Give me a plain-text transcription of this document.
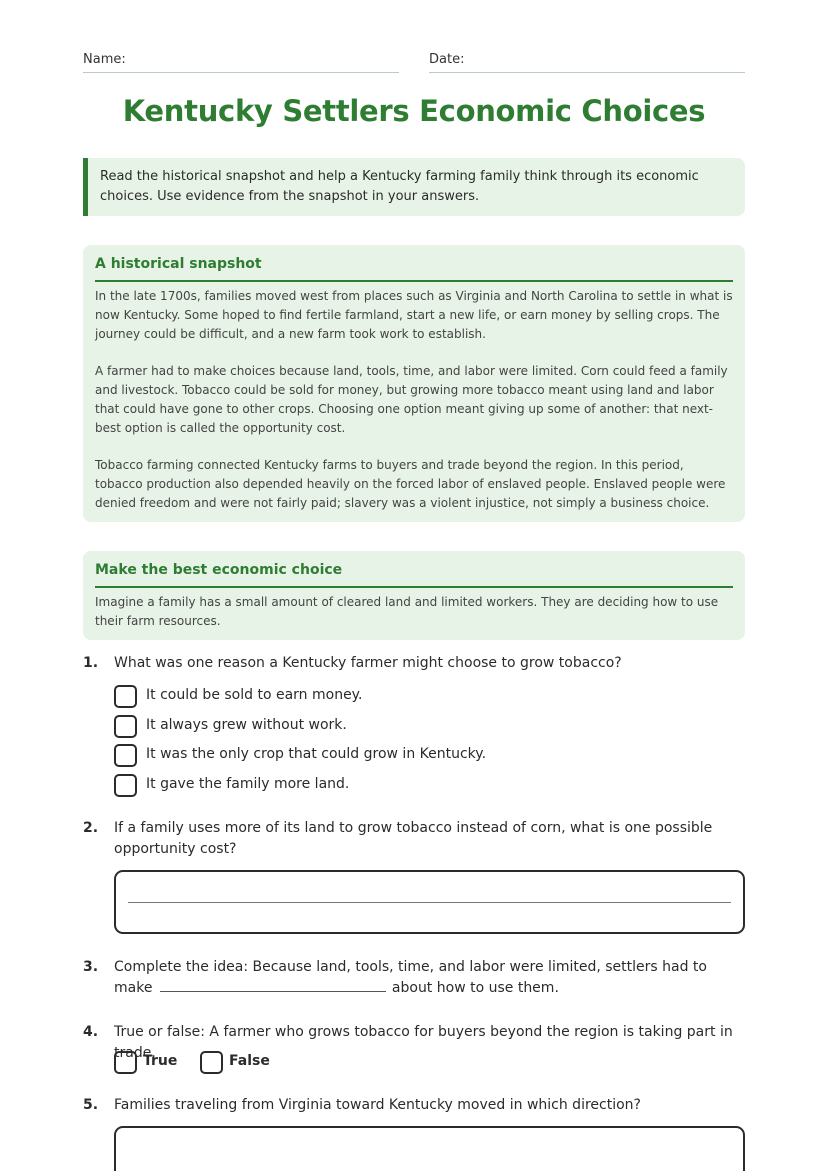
Name:	Date:
Kentucky Settlers Economic Choices
Read the historical snapshot and help a Kentucky farming family think through its economic choices. Use evidence from the snapshot in your answers.
A historical snapshot

In the late 1700s, families moved west from places such as Virginia and North Carolina to settle in what is now Kentucky. Some hoped to find fertile farmland, start a new life, or earn money by selling crops. The journey could be difficult, and a new farm took work to establish.

A farmer had to make choices because land, tools, time, and labor were limited. Corn could feed a family and livestock. Tobacco could be sold for money, but growing more tobacco meant using land and labor that could have gone to other crops. Choosing one option meant giving up some of another: that next-best option is called the opportunity cost.

Tobacco farming connected Kentucky farms to buyers and trade beyond the region. In this period, tobacco production also depended heavily on the forced labor of enslaved people. Enslaved people were denied freedom and were not fairly paid; slavery was a violent injustice, not simply a business choice.

Make the best economic choice

Imagine a family has a small amount of cleared land and limited workers. They are deciding how to use their farm resources.

1. What was one reason a Kentucky farmer might choose to grow tobacco?
It could be sold to earn money.
It always grew without work.
It was the only crop that could grow in Kentucky.
It gave the family more land.
2. If a family uses more of its land to grow tobacco instead of corn, what is one possible opportunity cost?
3. Complete the idea: Because land, tools, time, and labor were limited, settlers had to make	about how to use them.
4. True or false: A farmer who grows tobacco for buyers beyond the region is taking part in trade.
True	False
5. Families traveling from Virginia toward Kentucky moved in which direction?
